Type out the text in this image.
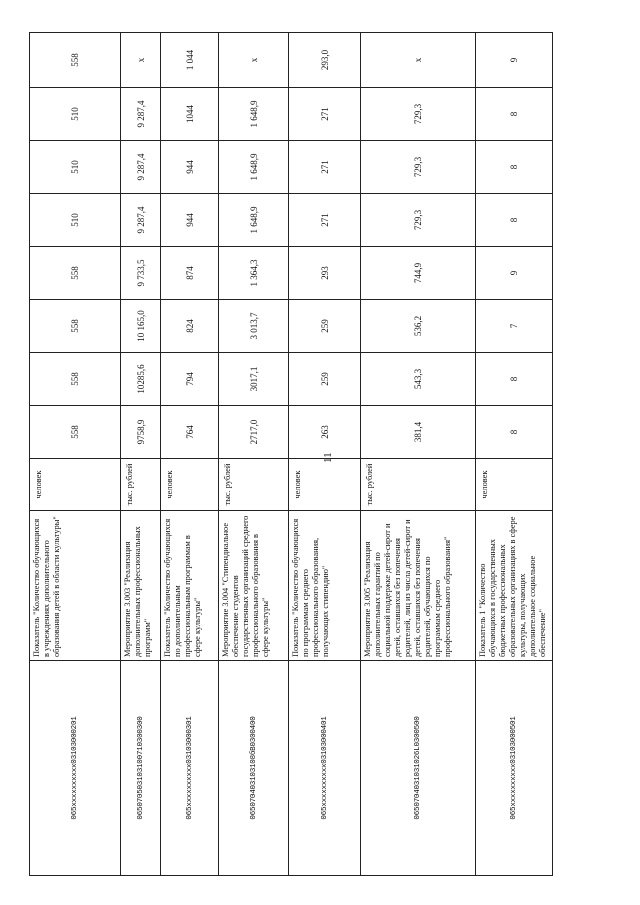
11
065xxxxxxxxxx03103000201	Показатель "Количество обучающихся в учреждениях дополнительного образования детей в области культуры"	человек	558	558	558	558	510	510	510	558
065070503103100710300300	Мероприятие 3.003 "Реализация дополнительных профессиональных программ"	тыс. рублей	9758,9	10285,6	10 165,0	9 733,5	9 287,4	9 287,4	9 287,4	х
065xxxxxxxxxx03103000301	Показатель "Количество обучающихся по дополнительным профессиональным программам в сфере культуры"	человек	764	794	824	874	944	944	1044	1 044
065070403103108бВ0300400	Мероприятие 3.004 "Стипендиальное обеспечение студентов государственных организаций среднего профессионального образования в сфере культуры"	тыс. рублей	2717,0	3017,1	3 013,7	1 364,3	1 648,9	1 648,9	1 648,9	х
065xxxxxxxxxx03103000401	Показатель "Количество обучающихся по программам среднего профессионального образования, получающих стипендию"	человек	263	259	259	293	271	271	271	293,0
0650704031031026L0300500	Мероприятие 3.005 "Реализация дополнительных гарантий по социальной поддержке детей-сирот и детей, оставшихся без попечения родителей, лиц из числа детей-сирот и детей, оставшихся без попечения родителей, обучающихся по программам среднего профессионального образования"	тыс. рублей	381,4	543,3	536,2	744,9	729,3	729,3	729,3	х
065xxxxxxxxxx03103000501	Показатель 1 "Количество обучающихся в государственных бюджетных профессиональных образовательных организациях в сфере культуры, получающих дополнительное социальное обеспечение"	человек	8	8	7	9	8	8	8	9
